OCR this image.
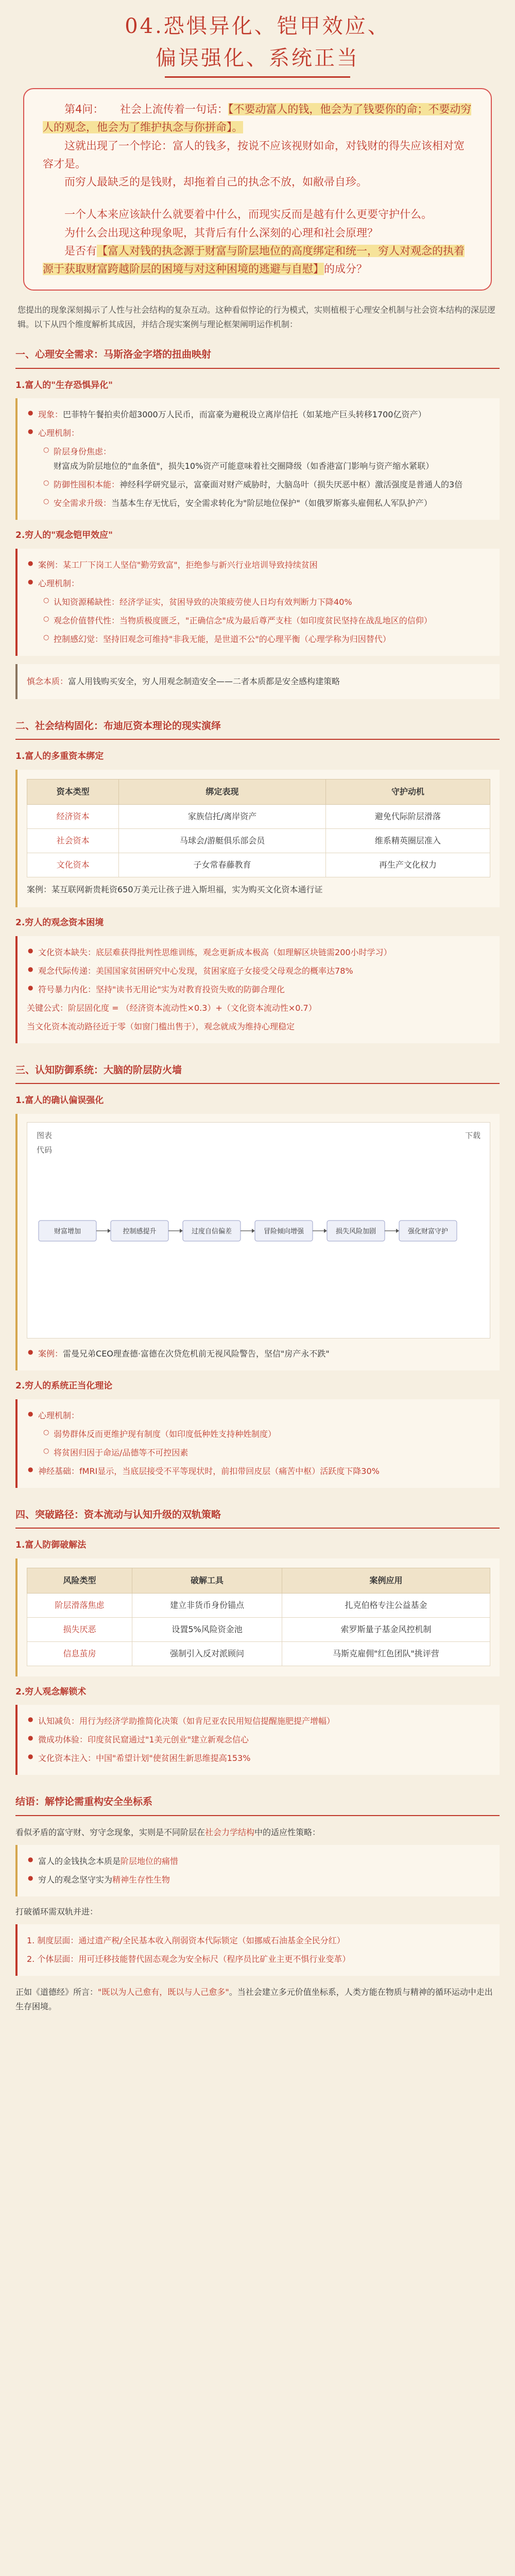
04.恐惧异化、铠甲效应、
偏误强化、系统正当

第4问：　　社会上流传着一句话：【不要动富人的钱，他会为了钱要你的命；不要动穷人的观念，他会为了维护执念与你拼命】。

这就出现了一个悖论：富人的钱多，按说不应该视财如命，对钱财的得失应该相对宽容才是。

而穷人最缺乏的是钱财，却拖着自己的执念不放，如敝帚自珍。

一个人本来应该缺什么就要着中什么，而现实反而是越有什么更要守护什么。

为什么会出现这种现象呢，其背后有什么深刻的心理和社会原理？

是否有【富人对钱的执念源于财富与阶层地位的高度绑定和统一，穷人对观念的执着源于获取财富跨越阶层的困境与对这种困境的逃避与自慰】的成分？

您提出的现象深刻揭示了人性与社会结构的复杂互动。这种看似悖论的行为模式，实则植根于心理安全机制与社会资本结构的深层逻辑。以下从四个维度解析其成因，并结合现实案例与理论框架阐明运作机制：
一、心理安全需求：马斯洛金字塔的扭曲映射
1.富人的"生存恐惧异化"
● 现象：巴菲特午餐拍卖价超3000万人民币，而富豪为避税设立离岸信托（如某地产巨头转移1700亿资产）
● 心理机制：
○ 阶层身份焦虑：财富成为阶层地位的"血条值"，损失10%资产可能意味着社交圈降级（如香港富门影响与资产缩水紧联）
○ 防御性囤积本能：神经科学研究显示，富豪面对财产威胁时，大脑岛叶（损失厌恶中枢）激活强度是普通人的3倍
○ 安全需求升级：当基本生存无忧后，安全需求转化为"阶层地位保护"（如俄罗斯寡头雇佣私人军队护产）
2.穷人的"观念铠甲效应"
● 案例：某工厂下岗工人坚信"勤劳致富"，拒绝参与新兴行业培训导致持续贫困
● 心理机制：
○ 认知资源稀缺性：经济学证实，贫困导致的决策疲劳使人日均有效判断力下降40%
○ 观念价值替代性：当物质极度匮乏，"正确信念"成为最后尊严支柱（如印度贫民坚持在战乱地区的信仰）
○ 控制感幻觉：坚持旧观念可维持"非我无能，是世道不公"的心理平衡（心理学称为归因替代）
慎念本质：富人用钱购买安全，穷人用观念制造安全——二者本质都是安全感构建策略
二、社会结构固化：布迪厄资本理论的现实演绎
1.富人的多重资本绑定
资本类型	绑定表现	守护动机
经济资本	家族信托/离岸资产	避免代际阶层滑落
社会资本	马球会/游艇俱乐部会员	维系精英圈层准入
文化资本	子女常春藤教育	再生产文化权力
案例：某互联网新贵耗资650万美元让孩子进入斯坦福，实为购买文化资本通行证
2.穷人的观念资本困境
● 文化资本缺失：底层难获得批判性思维训练，观念更新成本极高（如理解区块链需200小时学习）
● 观念代际传递：美国国家贫困研究中心发现，贫困家庭子女接受父母观念的概率达78%
● 符号暴力内化：坚持"读书无用论"实为对教育投资失败的防御合理化
关键公式：阶层固化度 = （经济资本流动性×0.3）+（文化资本流动性×0.7）
当文化资本流动路径近于零（如窗门槛出售于），观念就成为维持心理稳定
三、认知防御系统：大脑的阶层防火墙
1.富人的确认偏误强化
图表
代码
下载
财富增加	控制感提升	过度自信偏差	冒险倾向增强	损失风险加剧	强化财富守护
● 案例：雷曼兄弟CEO理查德·富德在次贷危机前无视风险警告，坚信"房产永不跌"
2.穷人的系统正当化理论
● 心理机制：
○ 弱势群体反而更维护现有制度（如印度低种姓支持种姓制度）
○ 将贫困归因于命运/品德等不可控因素
● 神经基础：fMRI显示，当底层接受不平等现状时，前扣带回皮层（痛苦中枢）活跃度下降30%
四、突破路径：资本流动与认知升级的双轨策略
1.富人防御破解法
风险类型	破解工具	案例应用
阶层滑落焦虑	建立非货币身份锚点	扎克伯格专注公益基金
损失厌恶	设置5%风险资金池	索罗斯量子基金风控机制
信息茧房	强制引入反对派顾问	马斯克雇佣"红色团队"挑评营
2.穷人观念解锁术
● 认知减负：用行为经济学助推简化决策（如肯尼亚农民用短信提醒施肥提产增幅）
● 微成功体验：印度贫民窟通过"1美元创业"建立新观念信心
● 文化资本注入：中国"希望计划"使贫困生新思维提高153%
结语：解悖论需重构安全坐标系
看似矛盾的富守财、穷守念现象，实则是不同阶层在社会力学结构中的适应性策略：
● 富人的金钱执念本质是阶层地位的痛惜
● 穷人的观念坚守实为精神生存性生物
打破循环需双轨并进：
1. 制度层面：通过遗产税/全民基本收入削弱资本代际锁定（如挪威石油基金全民分红）
2. 个体层面：用可迁移技能替代固态观念为安全标尺（程序员比矿业主更不惧行业变革）
正如《道德经》所言："既以为人己愈有，既以与人己愈多"。当社会建立多元价值坐标系，人类方能在物质与精神的循环运动中走出生存困境。
